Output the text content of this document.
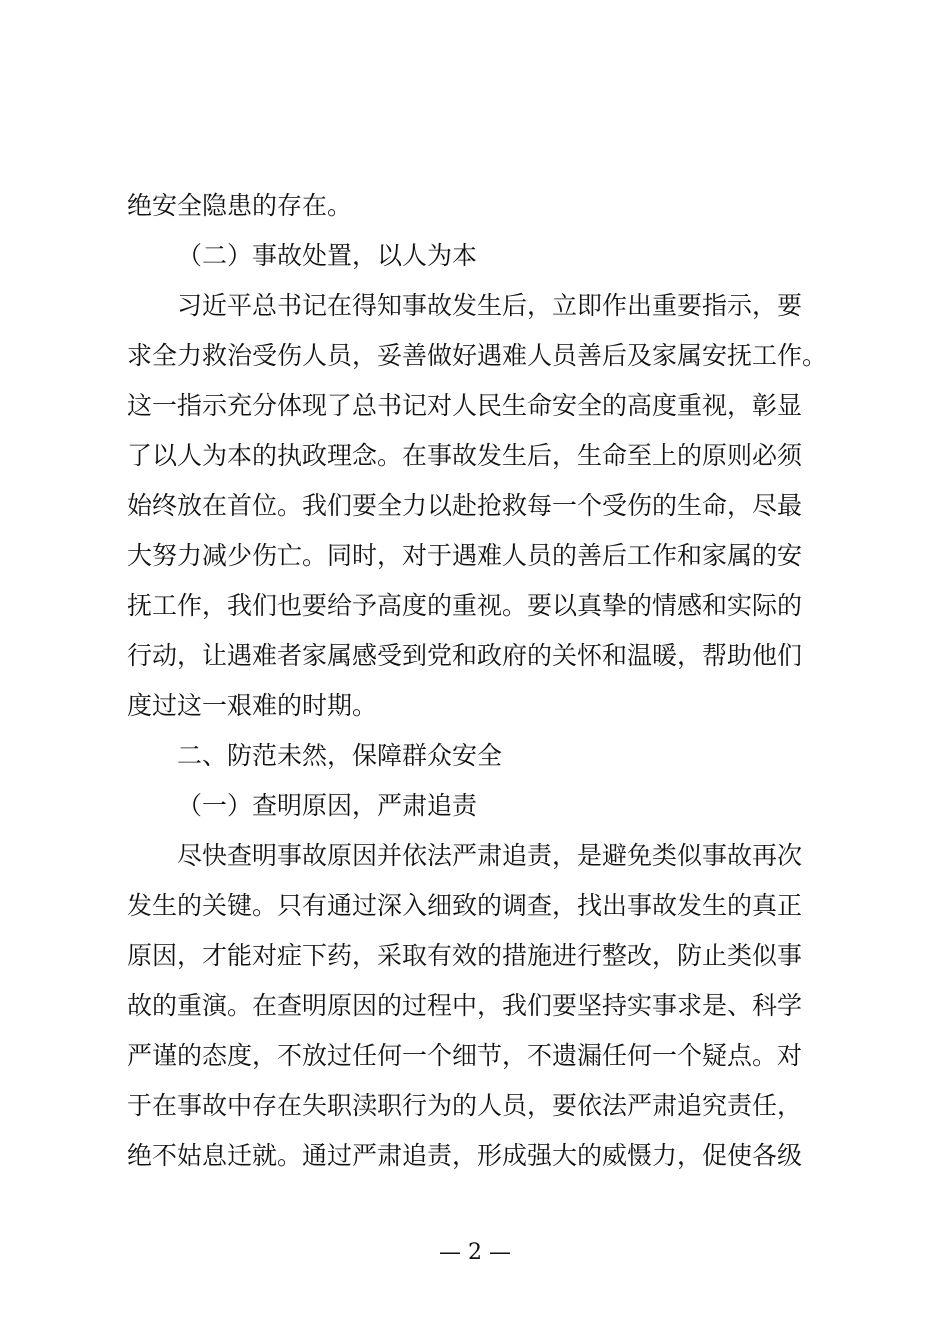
绝安全隐患的存在。
（二）事故处置，以人为本
习近平总书记在得知事故发生后，立即作出重要指示，要
求全力救治受伤人员，妥善做好遇难人员善后及家属安抚工作。
这一指示充分体现了总书记对人民生命安全的高度重视，彰显
了以人为本的执政理念。在事故发生后，生命至上的原则必须
始终放在首位。我们要全力以赴抢救每一个受伤的生命，尽最
大努力减少伤亡。同时，对于遇难人员的善后工作和家属的安
抚工作，我们也要给予高度的重视。要以真挚的情感和实际的
行动，让遇难者家属感受到党和政府的关怀和温暖，帮助他们
度过这一艰难的时期。
二、防范未然，保障群众安全
（一）查明原因，严肃追责
尽快查明事故原因并依法严肃追责，是避免类似事故再次
发生的关键。只有通过深入细致的调查，找出事故发生的真正
原因，才能对症下药，采取有效的措施进行整改，防止类似事
故的重演。在查明原因的过程中，我们要坚持实事求是、科学
严谨的态度，不放过任何一个细节，不遗漏任何一个疑点。对
于在事故中存在失职渎职行为的人员，要依法严肃追究责任，
绝不姑息迁就。通过严肃追责，形成强大的威慑力，促使各级
— 2 —
